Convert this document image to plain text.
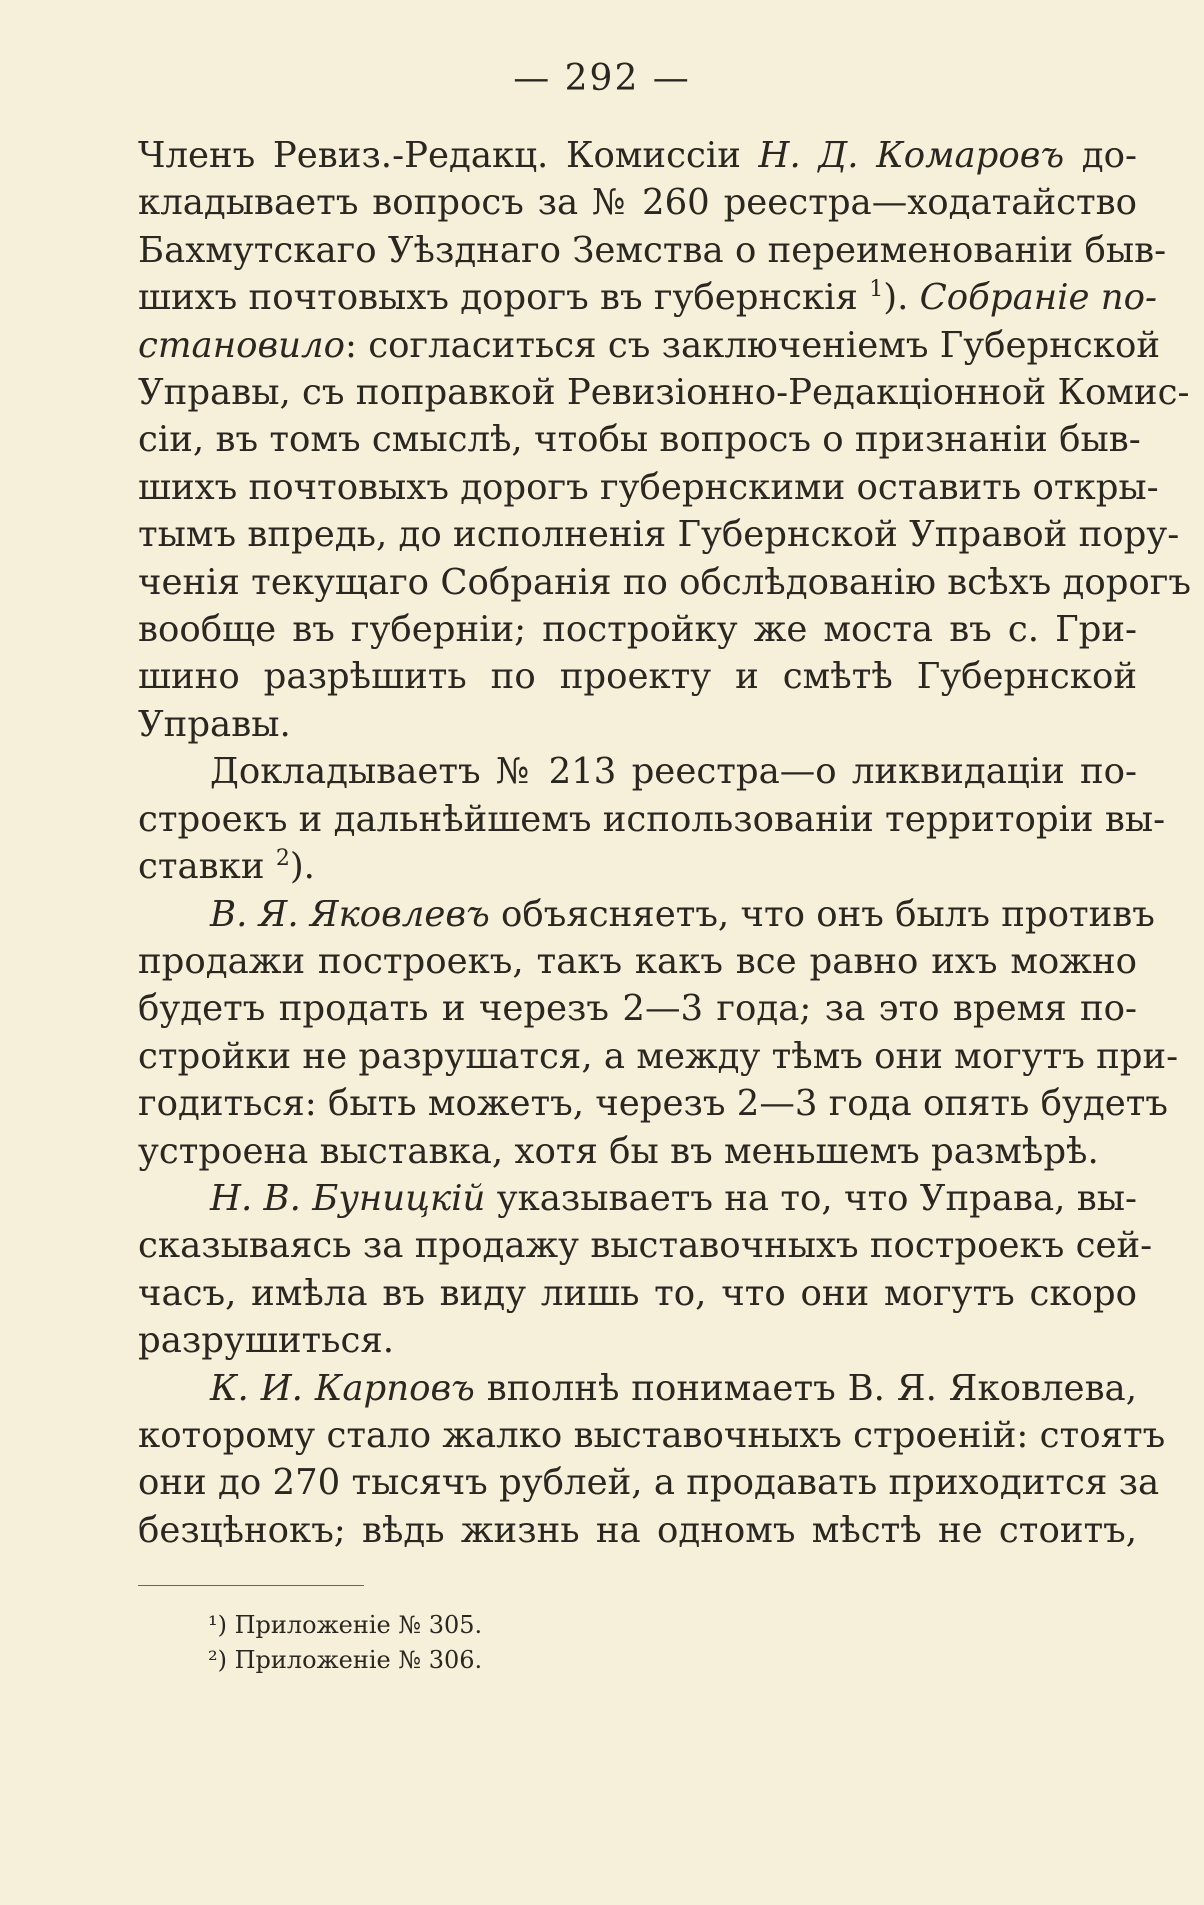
— 292 —

Членъ Ревиз.-Редакц. Комиссіи Н. Д. Комаровъ до-
кладываетъ вопросъ за № 260 реестра—ходатайство
Бахмутскаго Уѣзднаго Земства о переименованіи быв-
шихъ почтовыхъ дорогъ въ губернскія $^1$). Собраніе по-
становило: согласиться съ заключеніемъ Губернской
Управы, съ поправкой Ревизіонно-Редакціонной Комис-
сіи, въ томъ смыслѣ, чтобы вопросъ о признаніи быв-
шихъ почтовыхъ дорогъ губернскими оставить откры-
тымъ впредь, до исполненія Губернской Управой пору-
ченія текущаго Собранія по обслѣдованію всѣхъ дорогъ
вообще въ губерніи; постройку же моста въ с. Гри-
шино разрѣшить по проекту и смѣтѣ Губернской
Управы.

Докладываетъ № 213 реестра—о ликвидаціи по-
строекъ и дальнѣйшемъ использованіи территоріи вы-
ставки $^2$).

В. Я. Яковлевъ объясняетъ, что онъ былъ противъ
продажи построекъ, такъ какъ все равно ихъ можно
будетъ продать и черезъ 2—3 года; за это время по-
стройки не разрушатся, а между тѣмъ они могутъ при-
годиться: быть можетъ, черезъ 2—3 года опять будетъ
устроена выставка, хотя бы въ меньшемъ размѣрѣ.

Н. В. Буницкій указываетъ на то, что Управа, вы-
сказываясь за продажу выставочныхъ построекъ сей-
часъ, имѣла въ виду лишь то, что они могутъ скоро
разрушиться.

К. И. Карповъ вполнѣ понимаетъ В. Я. Яковлева,
которому стало жалко выставочныхъ строеній: стоятъ
они до 270 тысячъ рублей, а продавать приходится за
безцѣнокъ; вѣдь жизнь на одномъ мѣстѣ не стоитъ,

¹) Приложеніе № 305.
²) Приложеніе № 306.
